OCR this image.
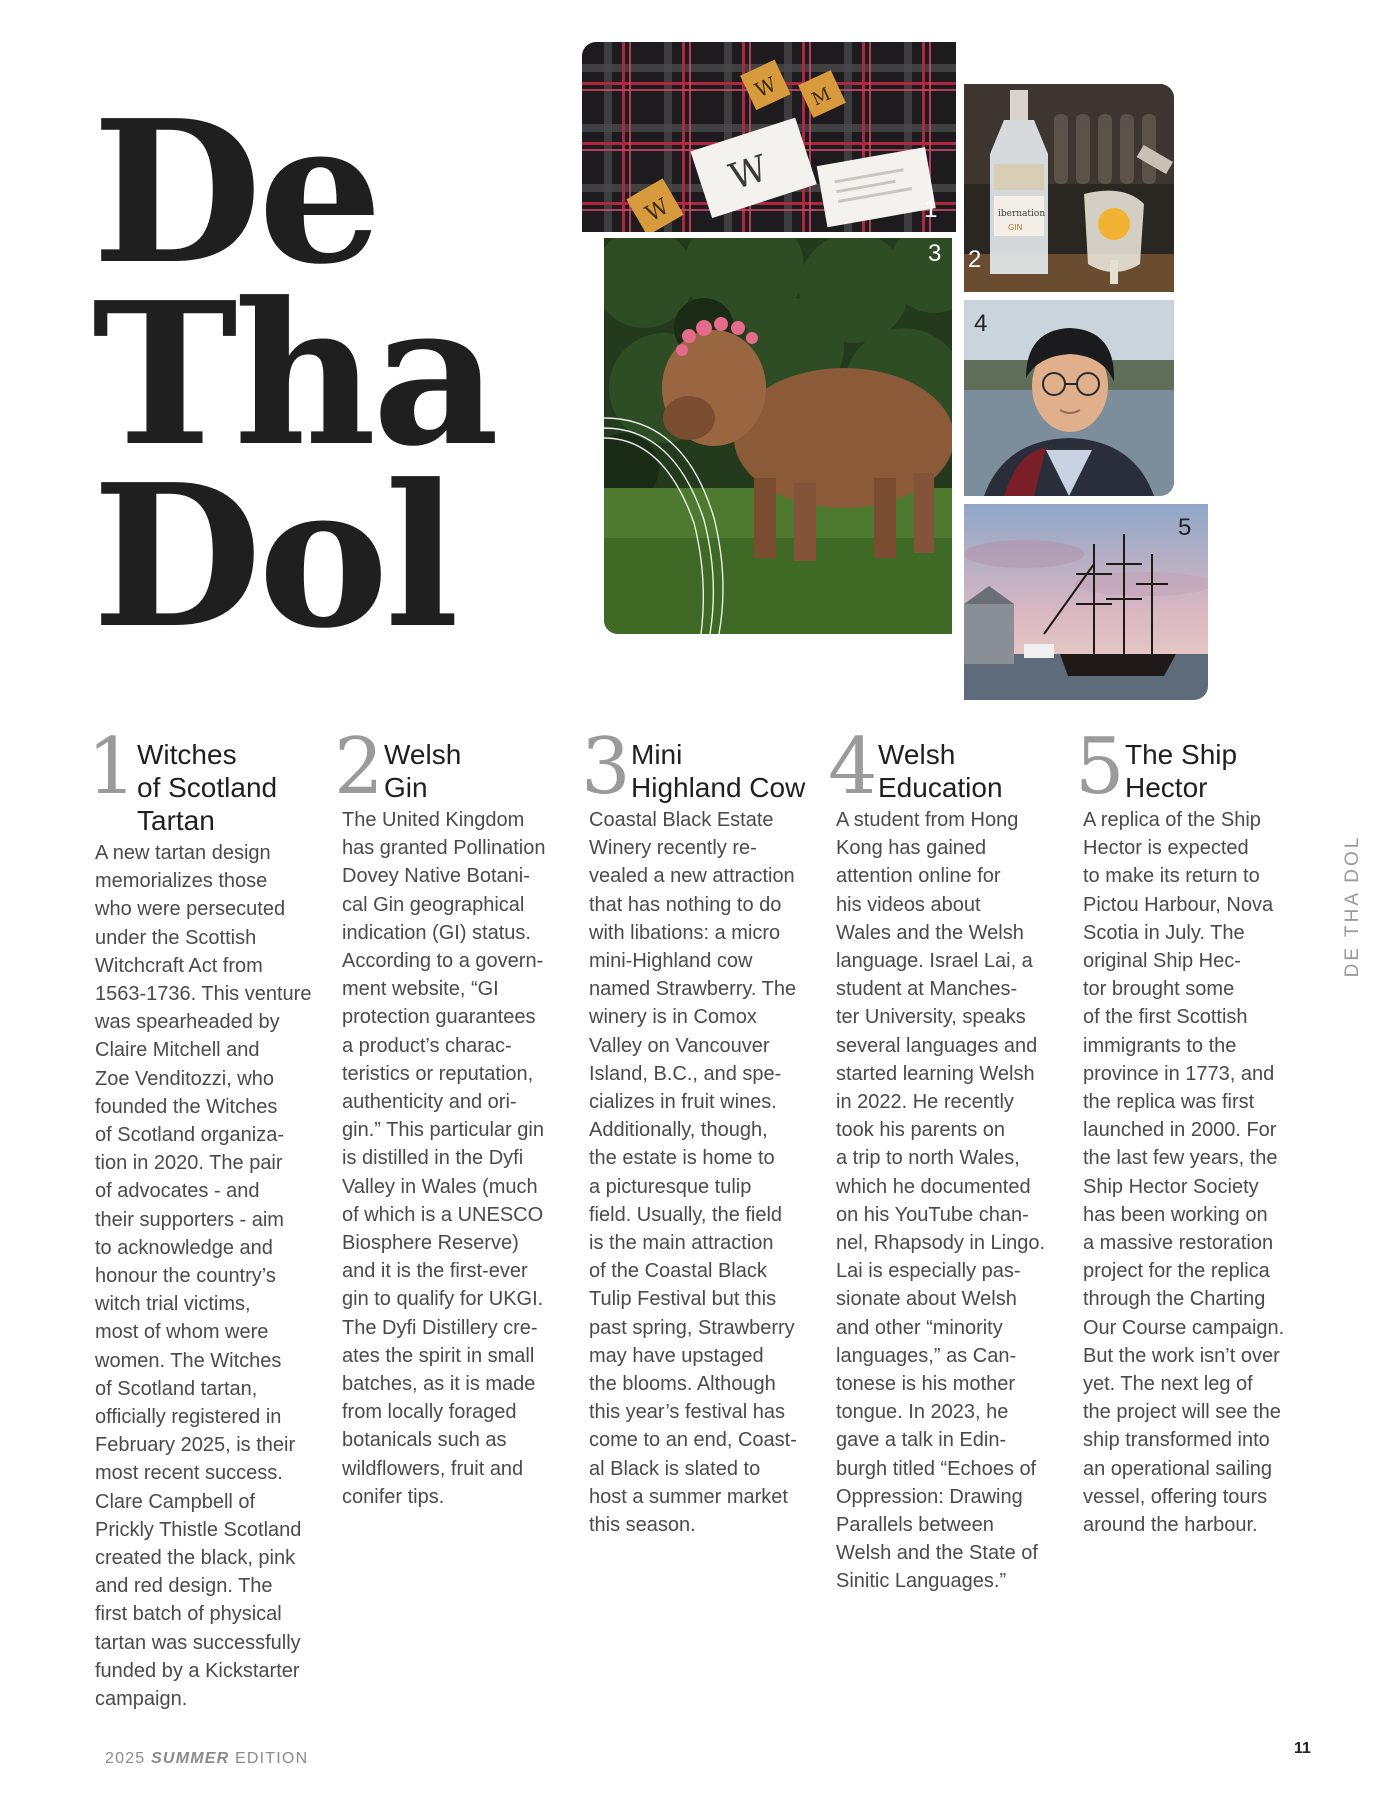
De
Tha
Dol
W
W
W M
1	ibernation
GIN
2
3
4
5
1 Witches
of Scotland
Tartan
A new tartan design
memorializes those
who were persecuted
under the Scottish
Witchcraft Act from
1563-1736. This venture
was spearheaded by
Claire Mitchell and
Zoe Venditozzi, who
founded the Witches
of Scotland organiza-
tion in 2020. The pair
of advocates - and
their supporters - aim
to acknowledge and
honour the country’s
witch trial victims,
most of whom were
women. The Witches
of Scotland tartan,
officially registered in
February 2025, is their
most recent success.
Clare Campbell of
Prickly Thistle Scotland
created the black, pink
and red design. The
first batch of physical
tartan was successfully
funded by a Kickstarter
campaign.
2 Welsh
Gin
The United Kingdom
has granted Pollination
Dovey Native Botani-
cal Gin geographical
indication (GI) status.
According to a govern-
ment website, “GI
protection guarantees
a product’s charac-
teristics or reputation,
authenticity and ori-
gin.” This particular gin
is distilled in the Dyfi
Valley in Wales (much
of which is a UNESCO
Biosphere Reserve)
and it is the first-ever
gin to qualify for UKGI.
The Dyfi Distillery cre-
ates the spirit in small
batches, as it is made
from locally foraged
botanicals such as
wildflowers, fruit and
conifer tips.
3 Mini
Highland Cow
Coastal Black Estate
Winery recently re-
vealed a new attraction
that has nothing to do
with libations: a micro
mini-Highland cow
named Strawberry. The
winery is in Comox
Valley on Vancouver
Island, B.C., and spe-
cializes in fruit wines.
Additionally, though,
the estate is home to
a picturesque tulip
field. Usually, the field
is the main attraction
of the Coastal Black
Tulip Festival but this
past spring, Strawberry
may have upstaged
the blooms. Although
this year’s festival has
come to an end, Coast-
al Black is slated to
host a summer market
this season.
4 Welsh
Education
A student from Hong
Kong has gained
attention online for
his videos about
Wales and the Welsh
language. Israel Lai, a
student at Manches-
ter University, speaks
several languages and
started learning Welsh
in 2022. He recently
took his parents on
a trip to north Wales,
which he documented
on his YouTube chan-
nel, Rhapsody in Lingo.
Lai is especially pas-
sionate about Welsh
and other “minority
languages,” as Can-
tonese is his mother
tongue. In 2023, he
gave a talk in Edin-
burgh titled “Echoes of
Oppression: Drawing
Parallels between
Welsh and the State of
Sinitic Languages.”
5 The Ship
Hector
A replica of the Ship
Hector is expected
to make its return to
Pictou Harbour, Nova
Scotia in July. The
original Ship Hec-
tor brought some
of the first Scottish
immigrants to the
province in 1773, and
the replica was first
launched in 2000. For
the last few years, the
Ship Hector Society
has been working on
a massive restoration
project for the replica
through the Charting
Our Course campaign.
But the work isn’t over
yet. The next leg of
the project will see the
ship transformed into
an operational sailing
vessel, offering tours
around the harbour.
DE THA DOL
2025 SUMMER EDITION
11
